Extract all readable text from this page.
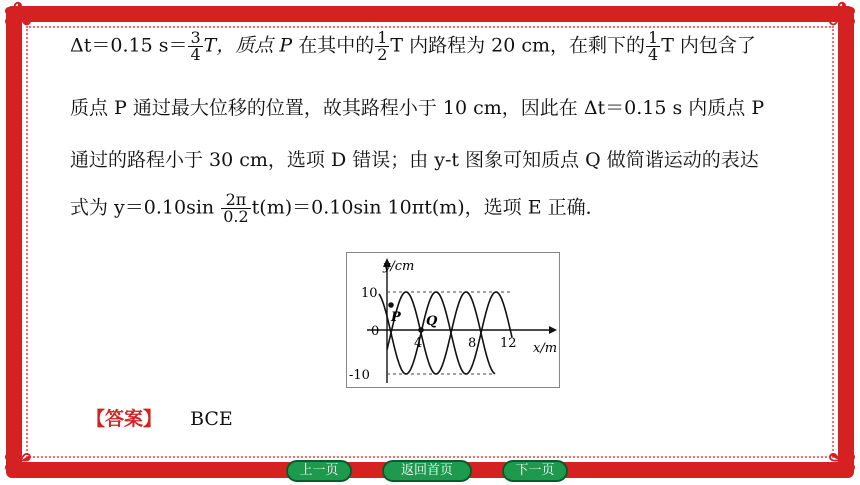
❃	❃
❃	❃
Δt＝0.15 $s= \frac{3}{4}$ T，质点 P 在其中的 $\frac{1}{2}$ T 内路程为 20 cm，在剩下的 $\frac{1}{4}$ T 内包含了
质点 P 通过最大位移的位置，故其路程小于 10 cm，因此在 Δt＝0.15 s 内质点 P
通过的路程小于 30 cm，选项 D 错误；由 y-t 图象可知质点 Q 做简谐运动的表达
式为 $y=0.10\sin \frac{2\pi}{0.2} t(m)=0.10\sin$ 10πt(m)，选项 E 正确．
y/cm
x/m
10
-10
0
4	8 12
P Q
【答案】 BCE
上一页	返回首页	下一页
